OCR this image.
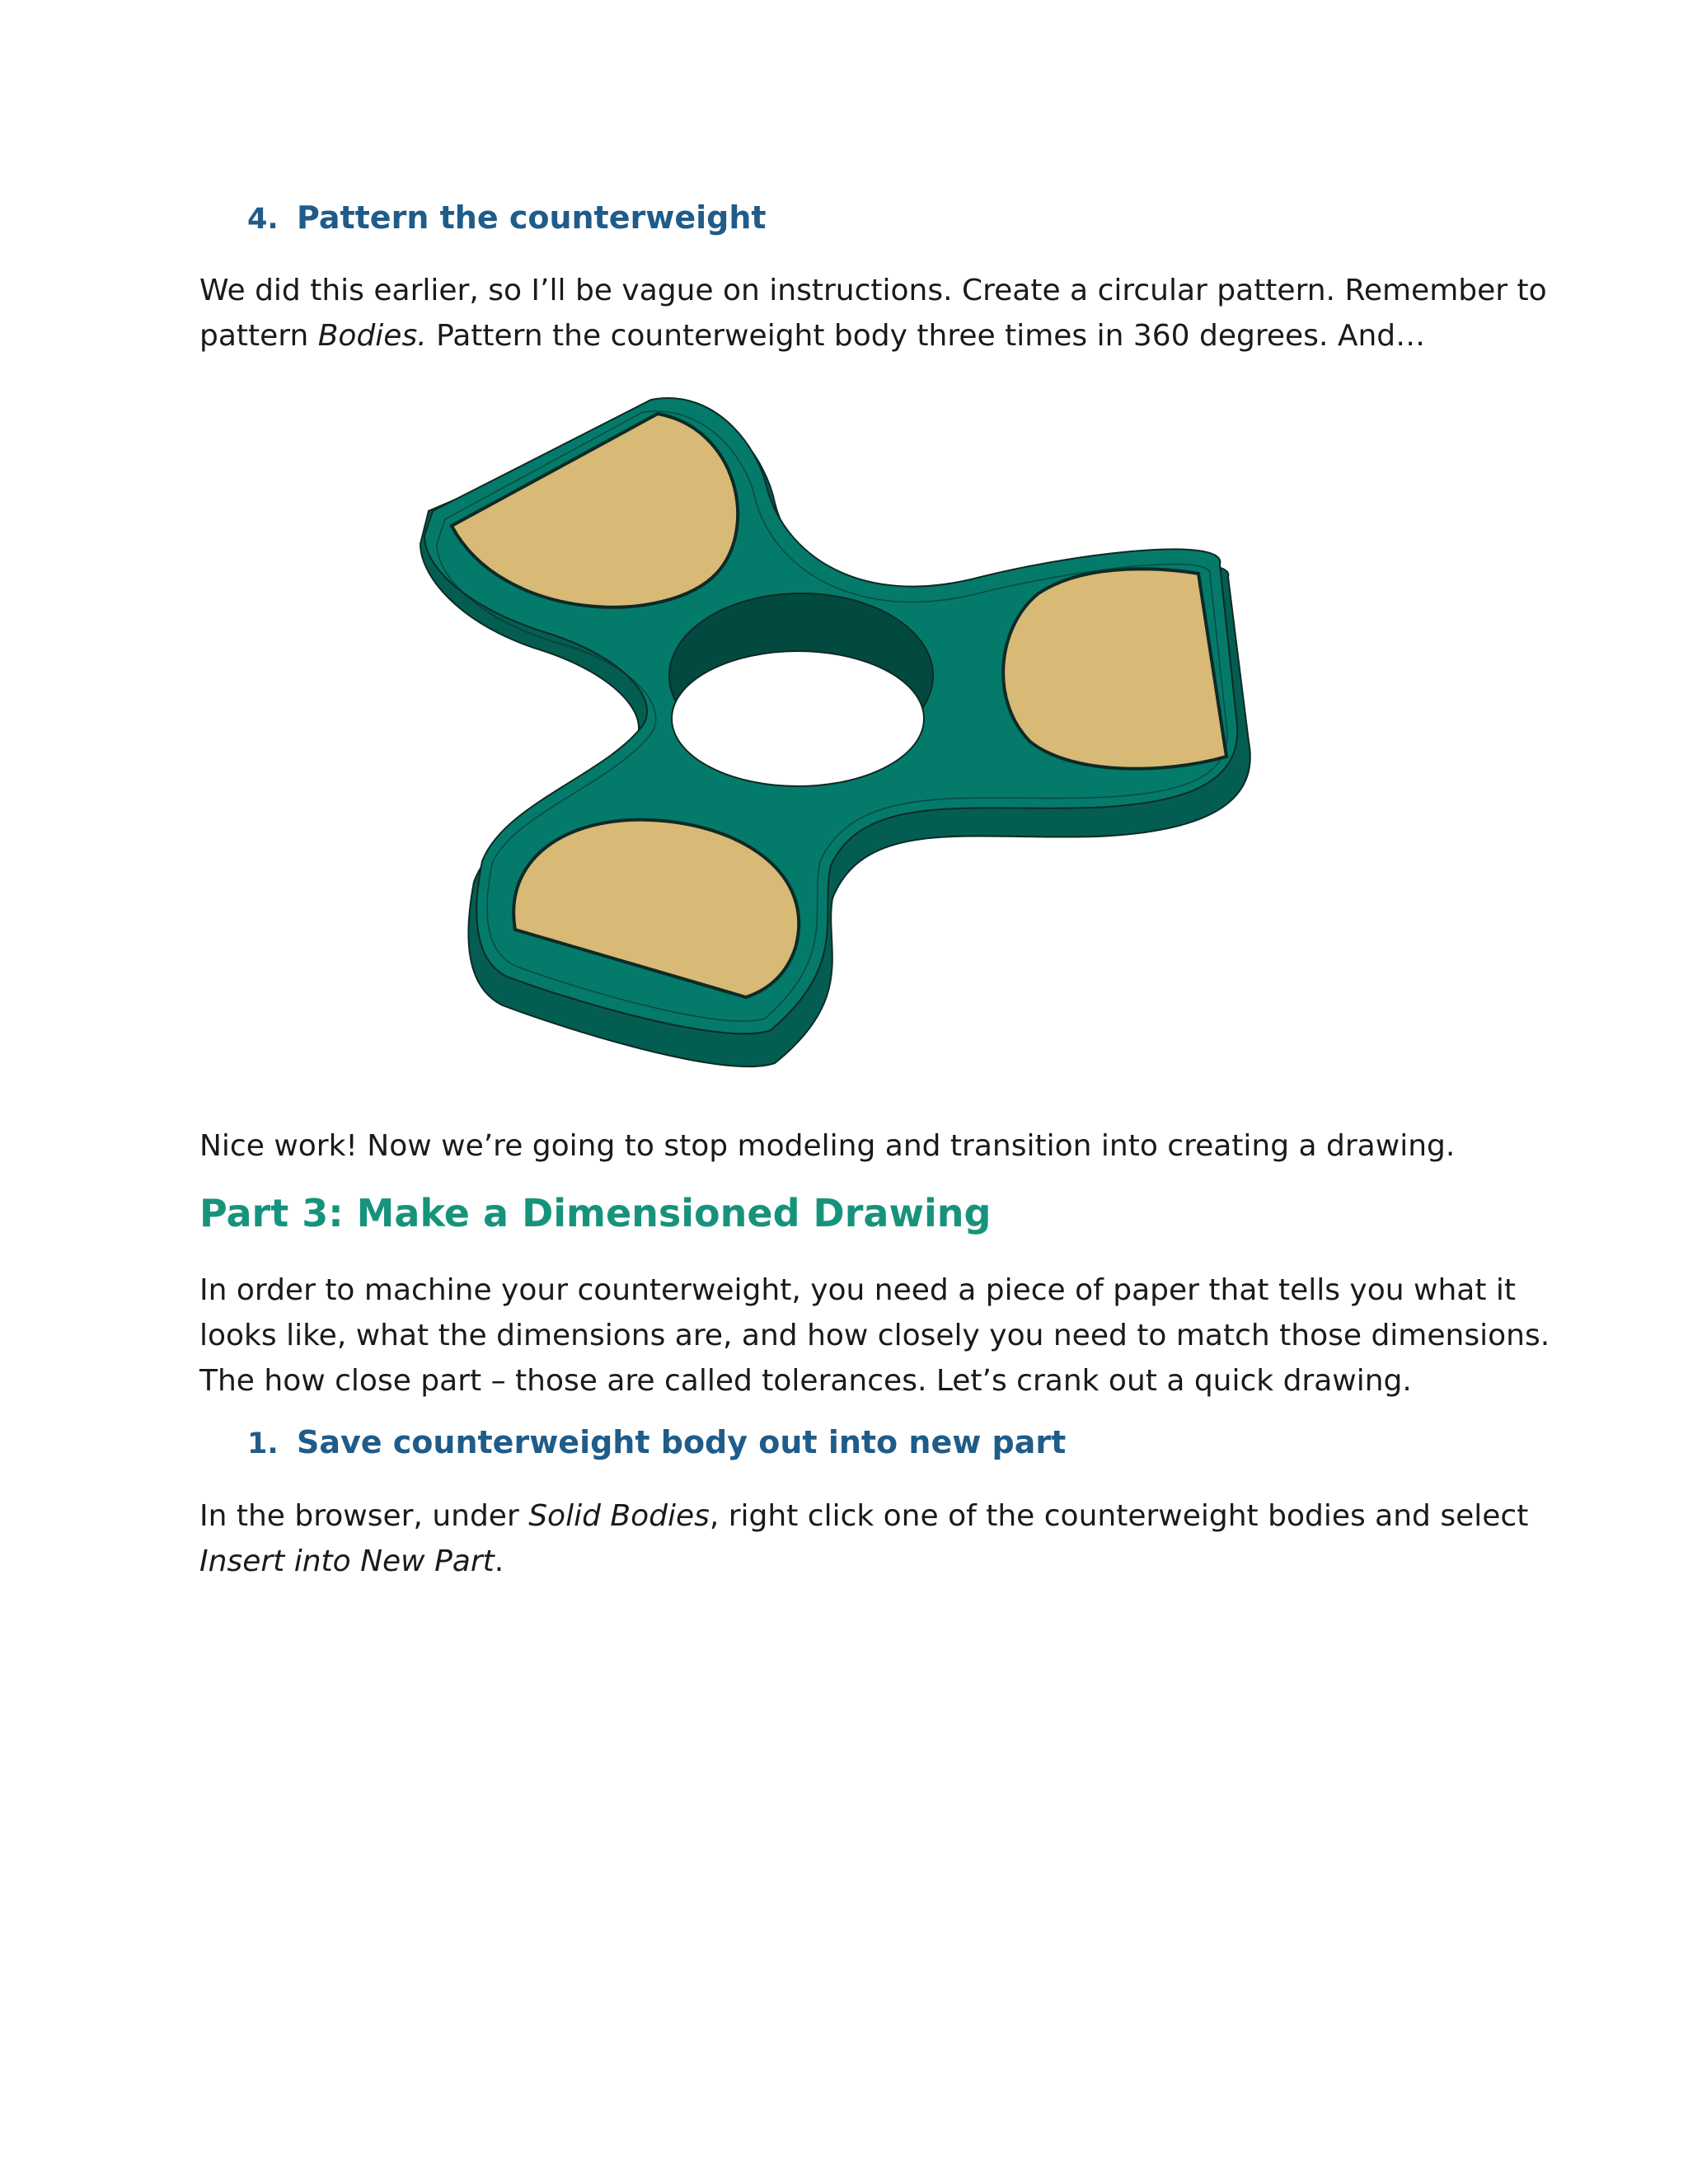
4. Pattern the counterweight
We did this earlier, so I’ll be vague on instructions. Create a circular pattern. Remember to
pattern Bodies. Pattern the counterweight body three times in 360 degrees. And…
Nice work! Now we’re going to stop modeling and transition into creating a drawing.
Part 3: Make a Dimensioned Drawing
In order to machine your counterweight, you need a piece of paper that tells you what it
looks like, what the dimensions are, and how closely you need to match those dimensions.
The how close part – those are called tolerances. Let’s crank out a quick drawing.
1. Save counterweight body out into new part
In the browser, under Solid Bodies, right click one of the counterweight bodies and select
Insert into New Part.
